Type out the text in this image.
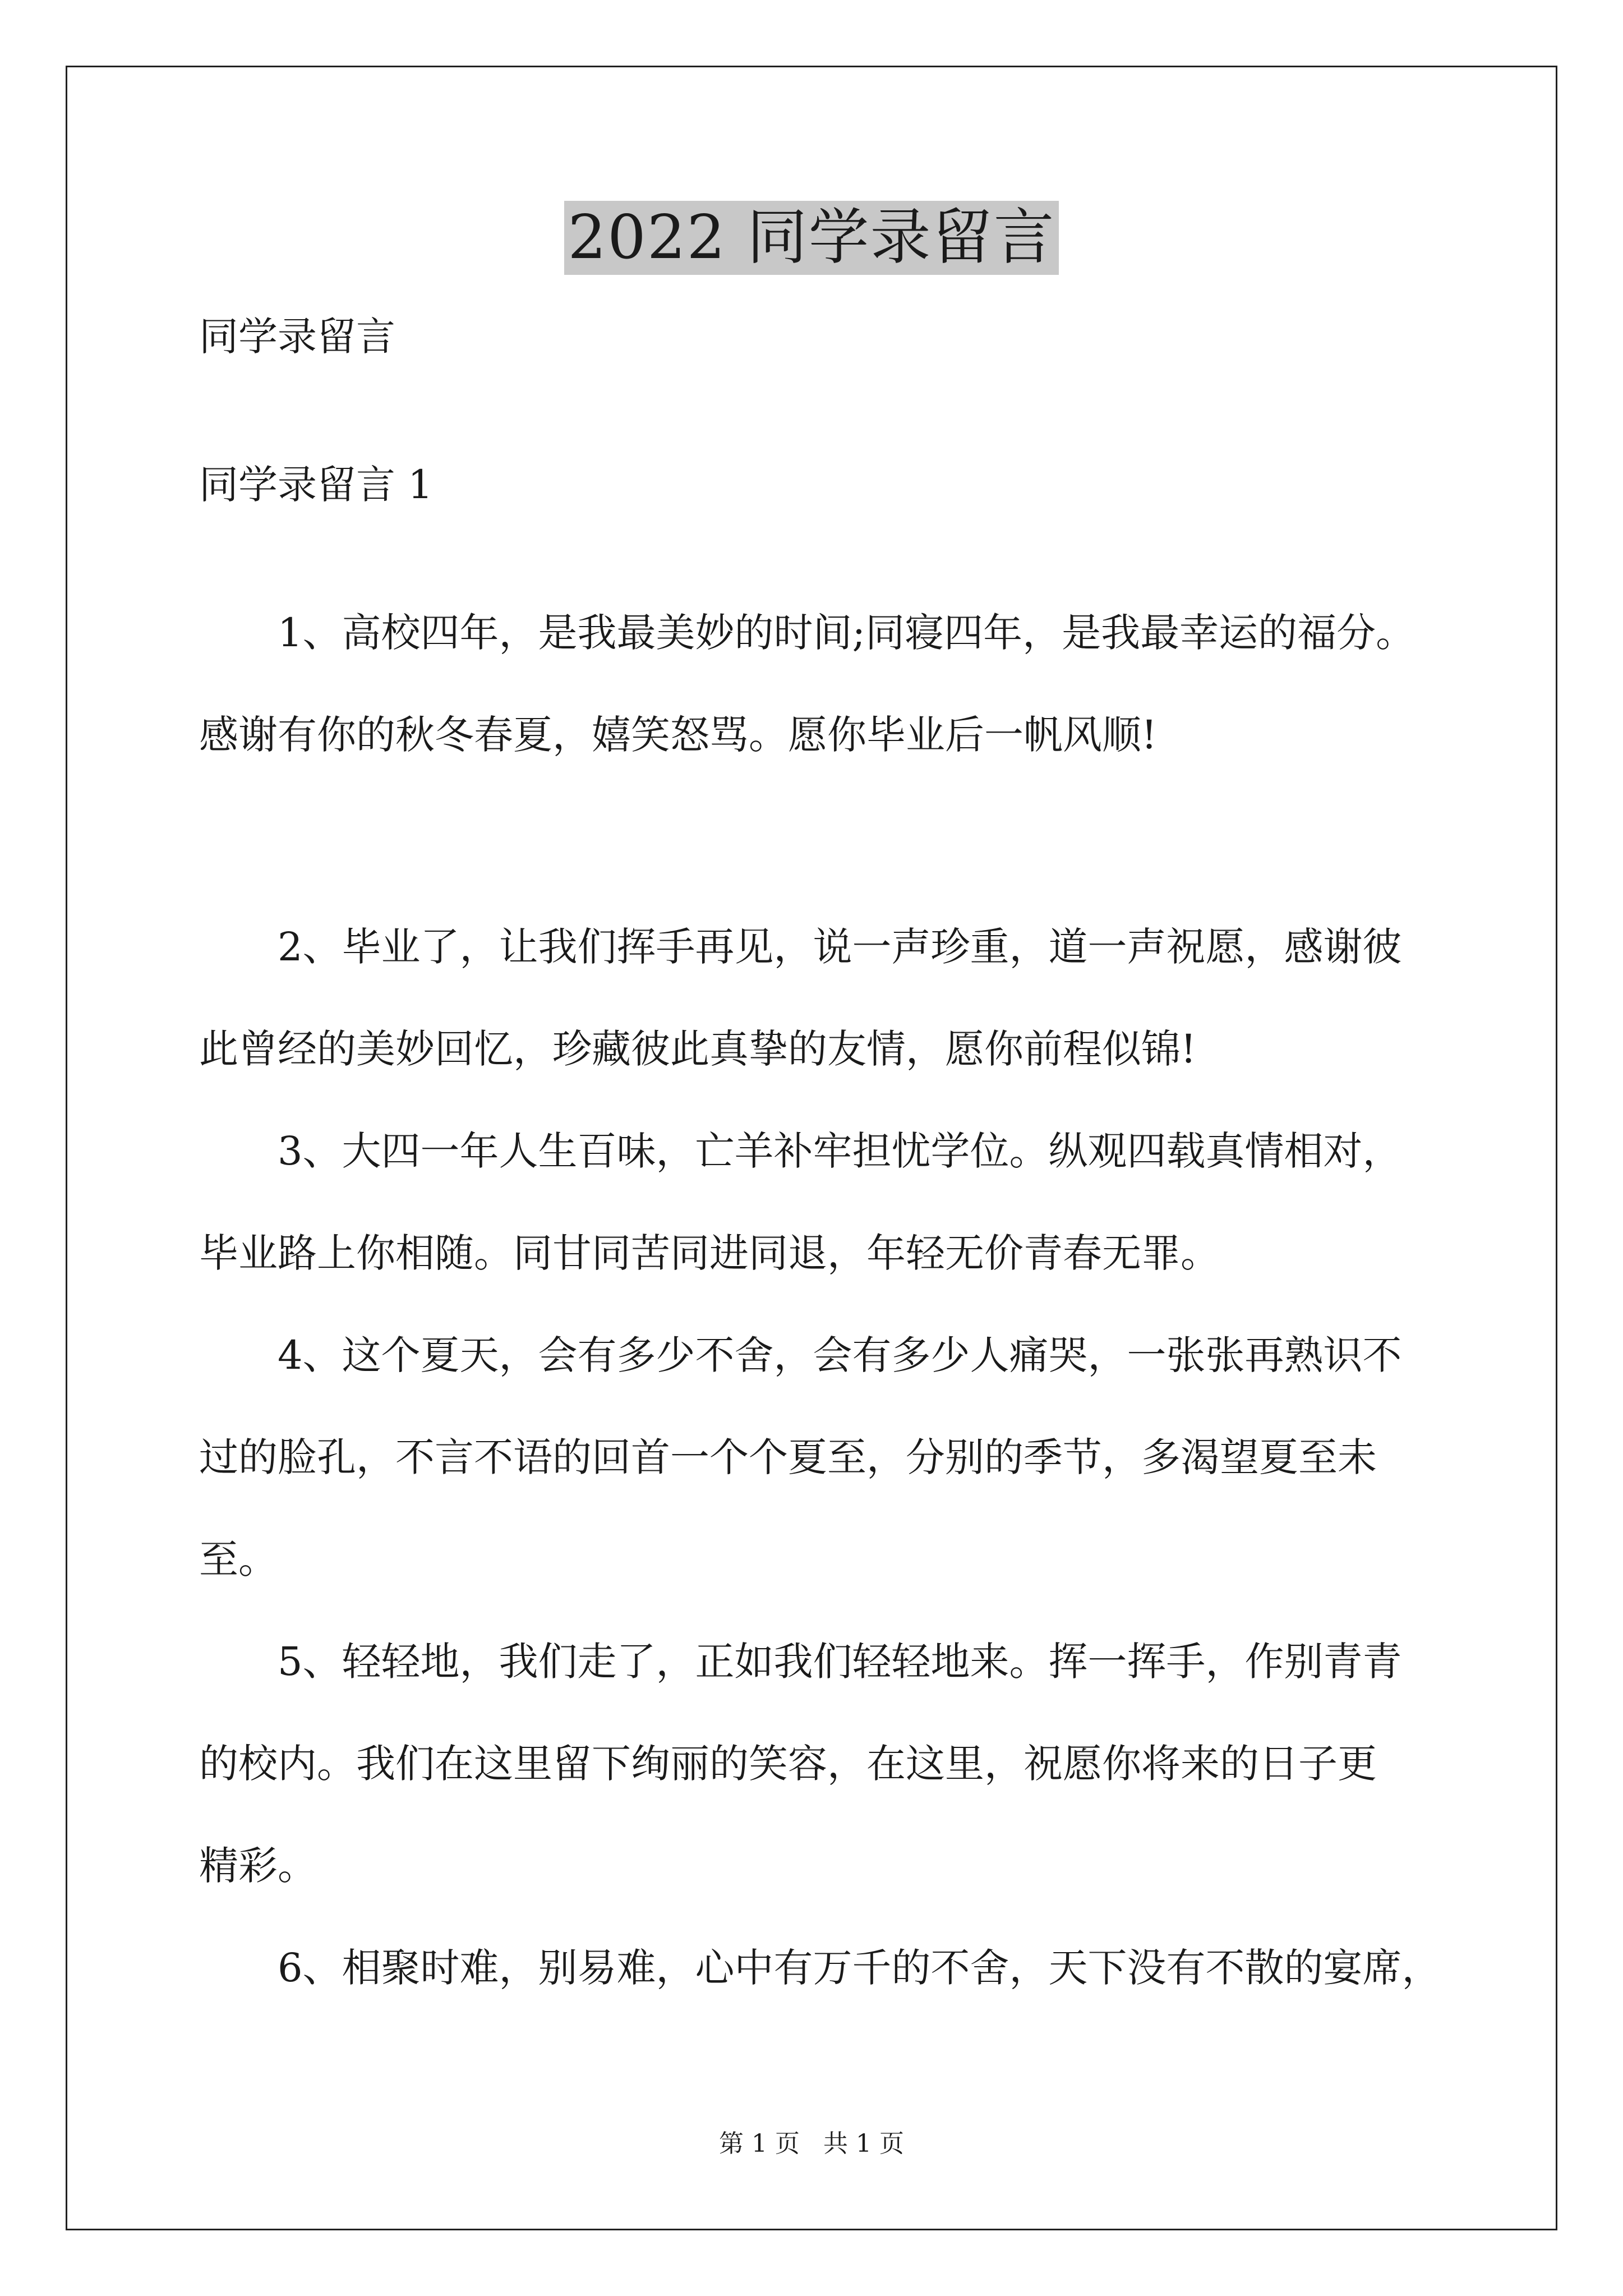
2022 同学录留言
同学录留言
同学录留言 1
　　1、高校四年，是我最美妙的时间;同寝四年，是我最幸运的福分。
感谢有你的秋冬春夏，嬉笑怒骂。愿你毕业后一帆风顺!
　　2、毕业了，让我们挥手再见，说一声珍重，道一声祝愿，感谢彼
此曾经的美妙回忆，珍藏彼此真挚的友情，愿你前程似锦!
　　3、大四一年人生百味，亡羊补牢担忧学位。纵观四载真情相对，
毕业路上你相随。同甘同苦同进同退，年轻无价青春无罪。
　　4、这个夏天，会有多少不舍，会有多少人痛哭，一张张再熟识不
过的脸孔，不言不语的回首一个个夏至，分别的季节，多渴望夏至未
至。
　　5、轻轻地，我们走了，正如我们轻轻地来。挥一挥手，作别青青
的校内。我们在这里留下绚丽的笑容，在这里，祝愿你将来的日子更
精彩。
　　6、相聚时难，别易难，心中有万千的不舍，天下没有不散的宴席，
第 1 页 共 1 页
